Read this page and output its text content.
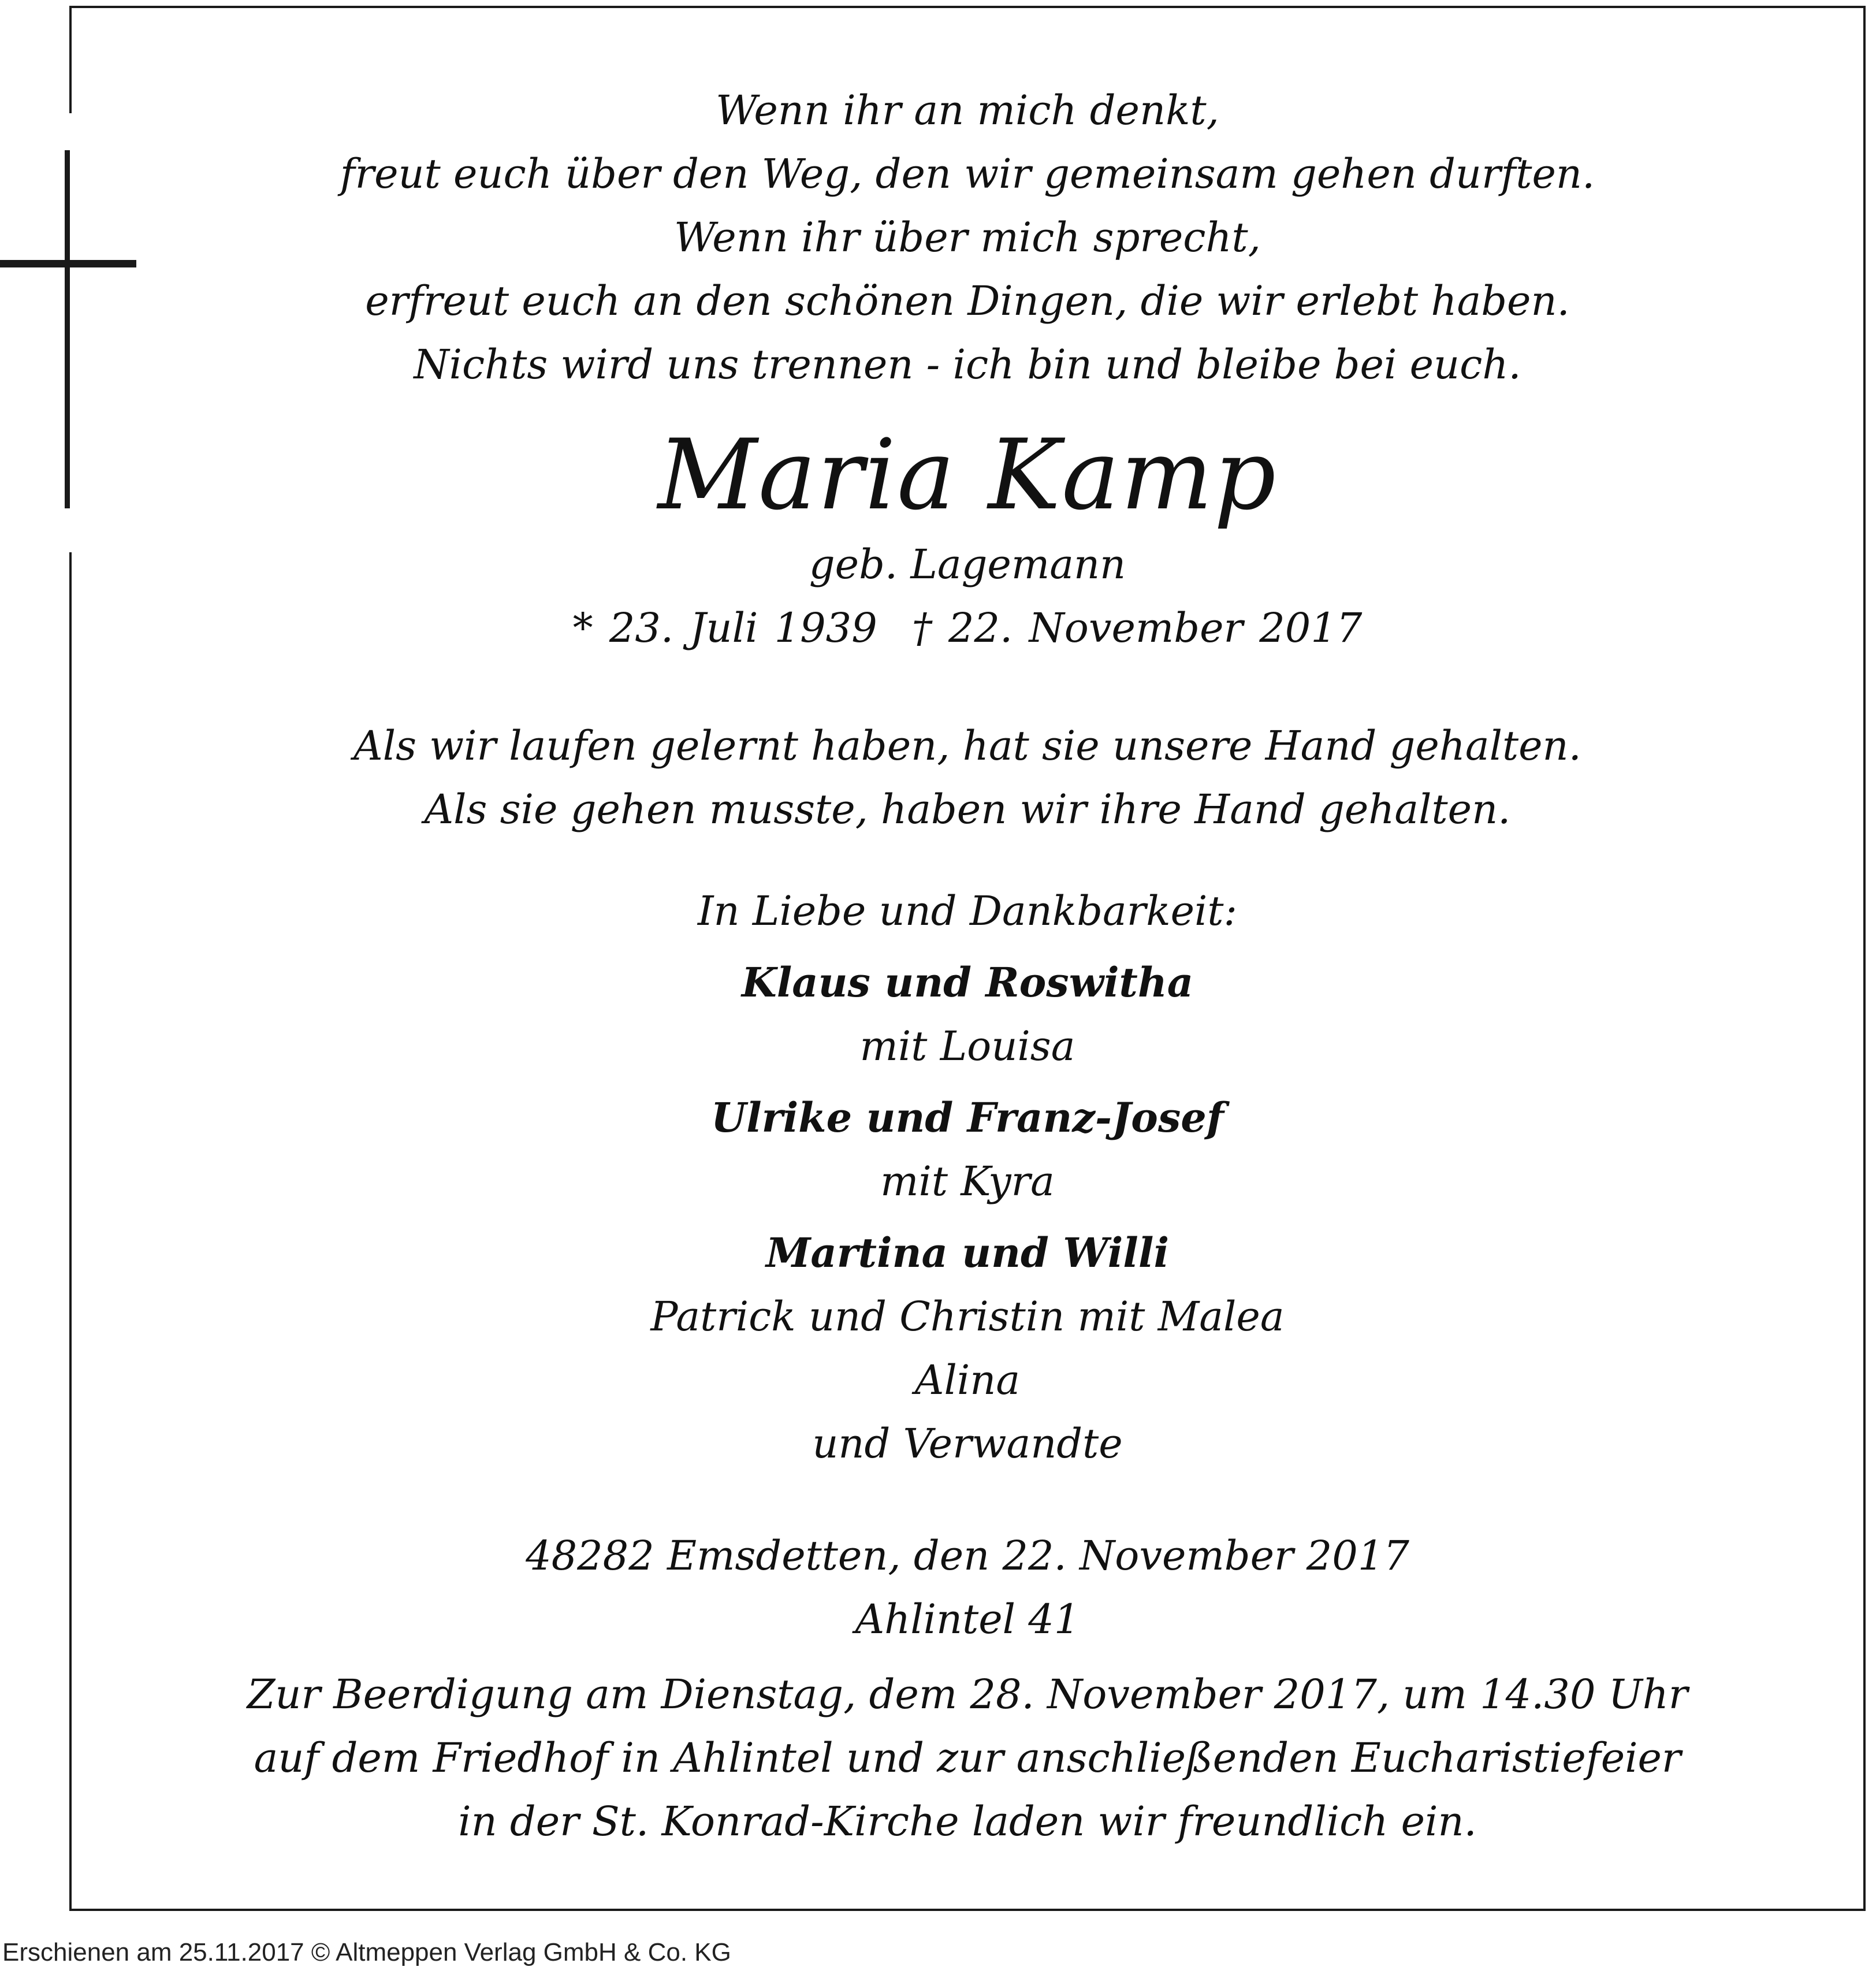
Wenn ihr an mich denkt,
freut euch über den Weg, den wir gemeinsam gehen durften.
Wenn ihr über mich sprecht,
erfreut euch an den schönen Dingen, die wir erlebt haben.
Nichts wird uns trennen - ich bin und bleibe bei euch.
Maria Kamp
geb. Lagemann
* 23. Juli 1939 † 22. November 2017
Als wir laufen gelernt haben, hat sie unsere Hand gehalten.
Als sie gehen musste, haben wir ihre Hand gehalten.
In Liebe und Dankbarkeit:
Klaus und Roswitha
mit Louisa
Ulrike und Franz-Josef
mit Kyra
Martina und Willi
Patrick und Christin mit Malea
Alina
und Verwandte
48282 Emsdetten, den 22. November 2017
Ahlintel 41
Zur Beerdigung am Dienstag, dem 28. November 2017, um 14.30 Uhr
auf dem Friedhof in Ahlintel und zur anschließenden Eucharistiefeier
in der St. Konrad-Kirche laden wir freundlich ein.
Erschienen am 25.11.2017 © Altmeppen Verlag GmbH & Co. KG
